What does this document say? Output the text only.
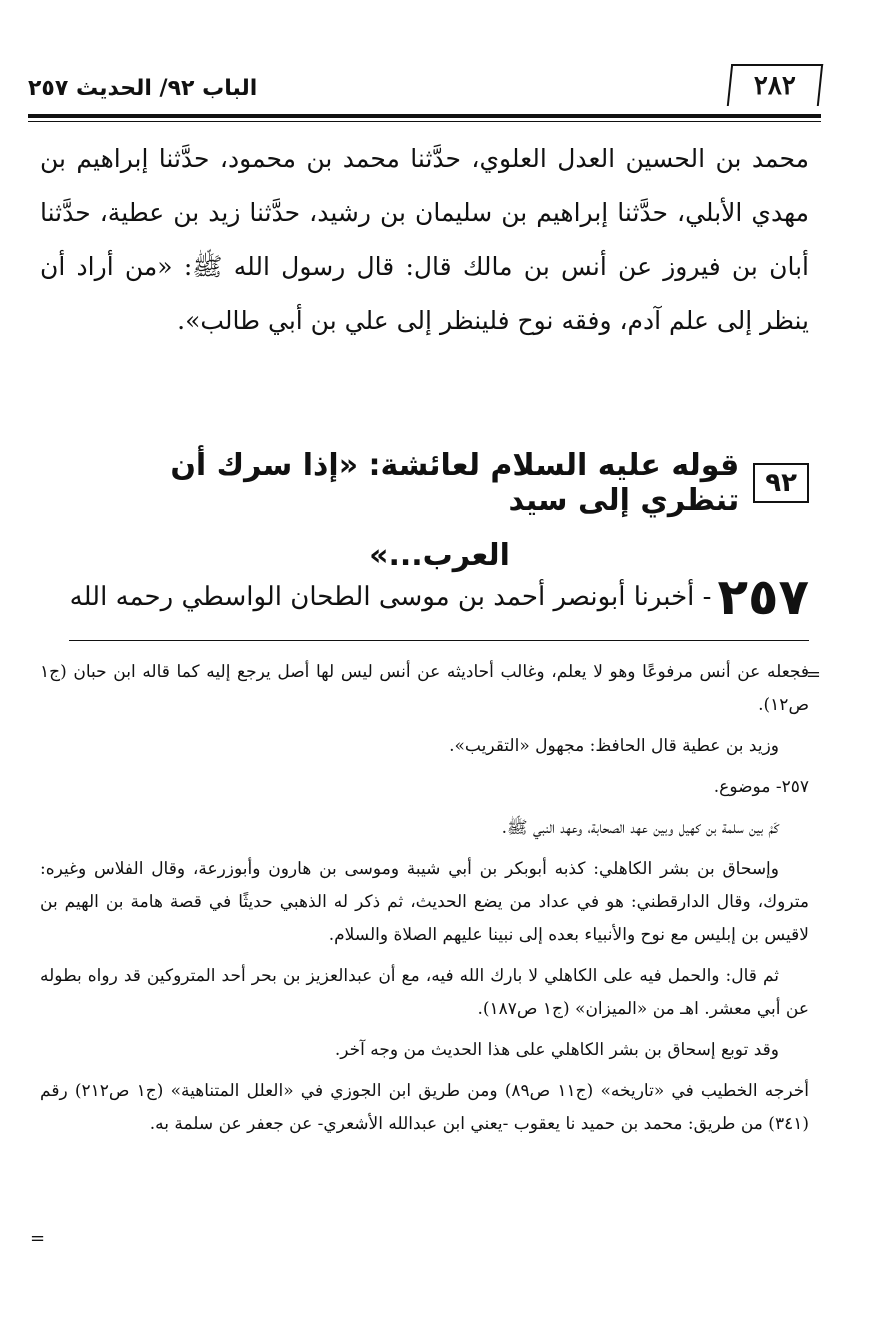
٢٨٢
الباب ٩٢/ الحديث ٢٥٧

محمد بن الحسين العدل العلوي، حدَّثنا محمد بن محمود، حدَّثنا إبراهيم بن مهدي الأبلي، حدَّثنا إبراهيم بن سليمان بن رشيد، حدَّثنا زيد بن عطية، حدَّثنا أبان بن فيروز عن أنس بن مالك قال: قال رسول الله ﷺ: «من أراد أن ينظر إلى علم آدم، وفقه نوح فلينظر إلى علي بن أبي طالب».

٩٢
قوله عليه السلام لعائشة: «إذا سرك أن تنظري إلى سيد
العرب...»
٢٥٧
- أخبرنا أبونصر أحمد بن موسى الطحان الواسطي رحمه الله
=

فجعله عن أنس مرفوعًا وهو لا يعلم، وغالب أحاديثه عن أنس ليس لها أصل يرجع إليه كما قاله ابن حبان (ج١ ص١٢).

وزيد بن عطية قال الحافظ: مجهول «التقريب».

٢٥٧- موضوع.

كَمْ بين سلمة بن كهيل وبين عهد الصحابة، وعهد النبي ﷺ.

وإسحاق بن بشر الكاهلي: كذبه أبوبكر بن أبي شيبة وموسى بن هارون وأبوزرعة، وقال الفلاس وغيره: متروك، وقال الدارقطني: هو في عداد من يضع الحديث، ثم ذكر له الذهبي حديثًا في قصة هامة بن الهيم بن لاقيس بن إبليس مع نوح والأنبياء بعده إلى نبينا عليهم الصلاة والسلام.

ثم قال: والحمل فيه على الكاهلي لا بارك الله فيه، مع أن عبدالعزيز بن بحر أحد المتروكين قد رواه بطوله عن أبي معشر. اهـ من «الميزان» (ج١ ص١٨٧).

وقد توبع إسحاق بن بشر الكاهلي على هذا الحديث من وجه آخر.

أخرجه الخطيب في «تاريخه» (ج١١ ص٨٩) ومن طريق ابن الجوزي في «العلل المتناهية» (ج١ ص٢١٢) رقم (٣٤١) من طريق: محمد بن حميد نا يعقوب -يعني ابن عبدالله الأشعري- عن جعفر عن سلمة به.

=
